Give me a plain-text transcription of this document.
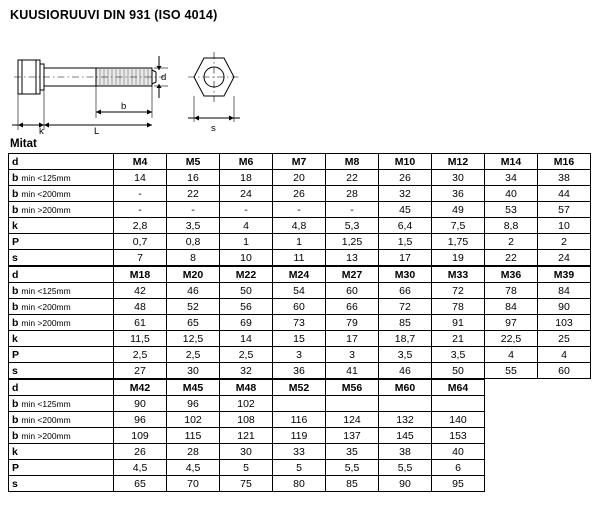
KUUSIORUUVI DIN 931 (ISO 4014)
d
k	L
b
s
Mitat
d	M4	M5	M6	M7	M8	M10	M12	M14	M16
b min <125mm	14	16	18	20	22	26	30	34	38
b min <200mm	-	22	24	26	28	32	36	40	44
b min >200mm	-	-	-	-	-	45	49	53	57
k	2,8	3,5	4	4,8	5,3	6,4	7,5	8,8	10
P	0,7	0,8	1	1	1,25	1,5	1,75	2	2
s	7	8	10	11	13	17	19	22	24
d	M18	M20	M22	M24	M27	M30	M33	M36	M39
b min <125mm	42	46	50	54	60	66	72	78	84
b min <200mm	48	52	56	60	66	72	78	84	90
b min >200mm	61	65	69	73	79	85	91	97	103
k	11,5	12,5	14	15	17	18,7	21	22,5	25
P	2,5	2,5	2,5	3	3	3,5	3,5	4	4
s	27	30	32	36	41	46	50	55	60
d	M42	M45	M48	M52	M56	M60	M64
b min <125mm	90	96	102				
b min <200mm	96	102	108	116	124	132	140
b min >200mm	109	115	121	119	137	145	153
k	26	28	30	33	35	38	40
P	4,5	4,5	5	5	5,5	5,5	6
s	65	70	75	80	85	90	95
